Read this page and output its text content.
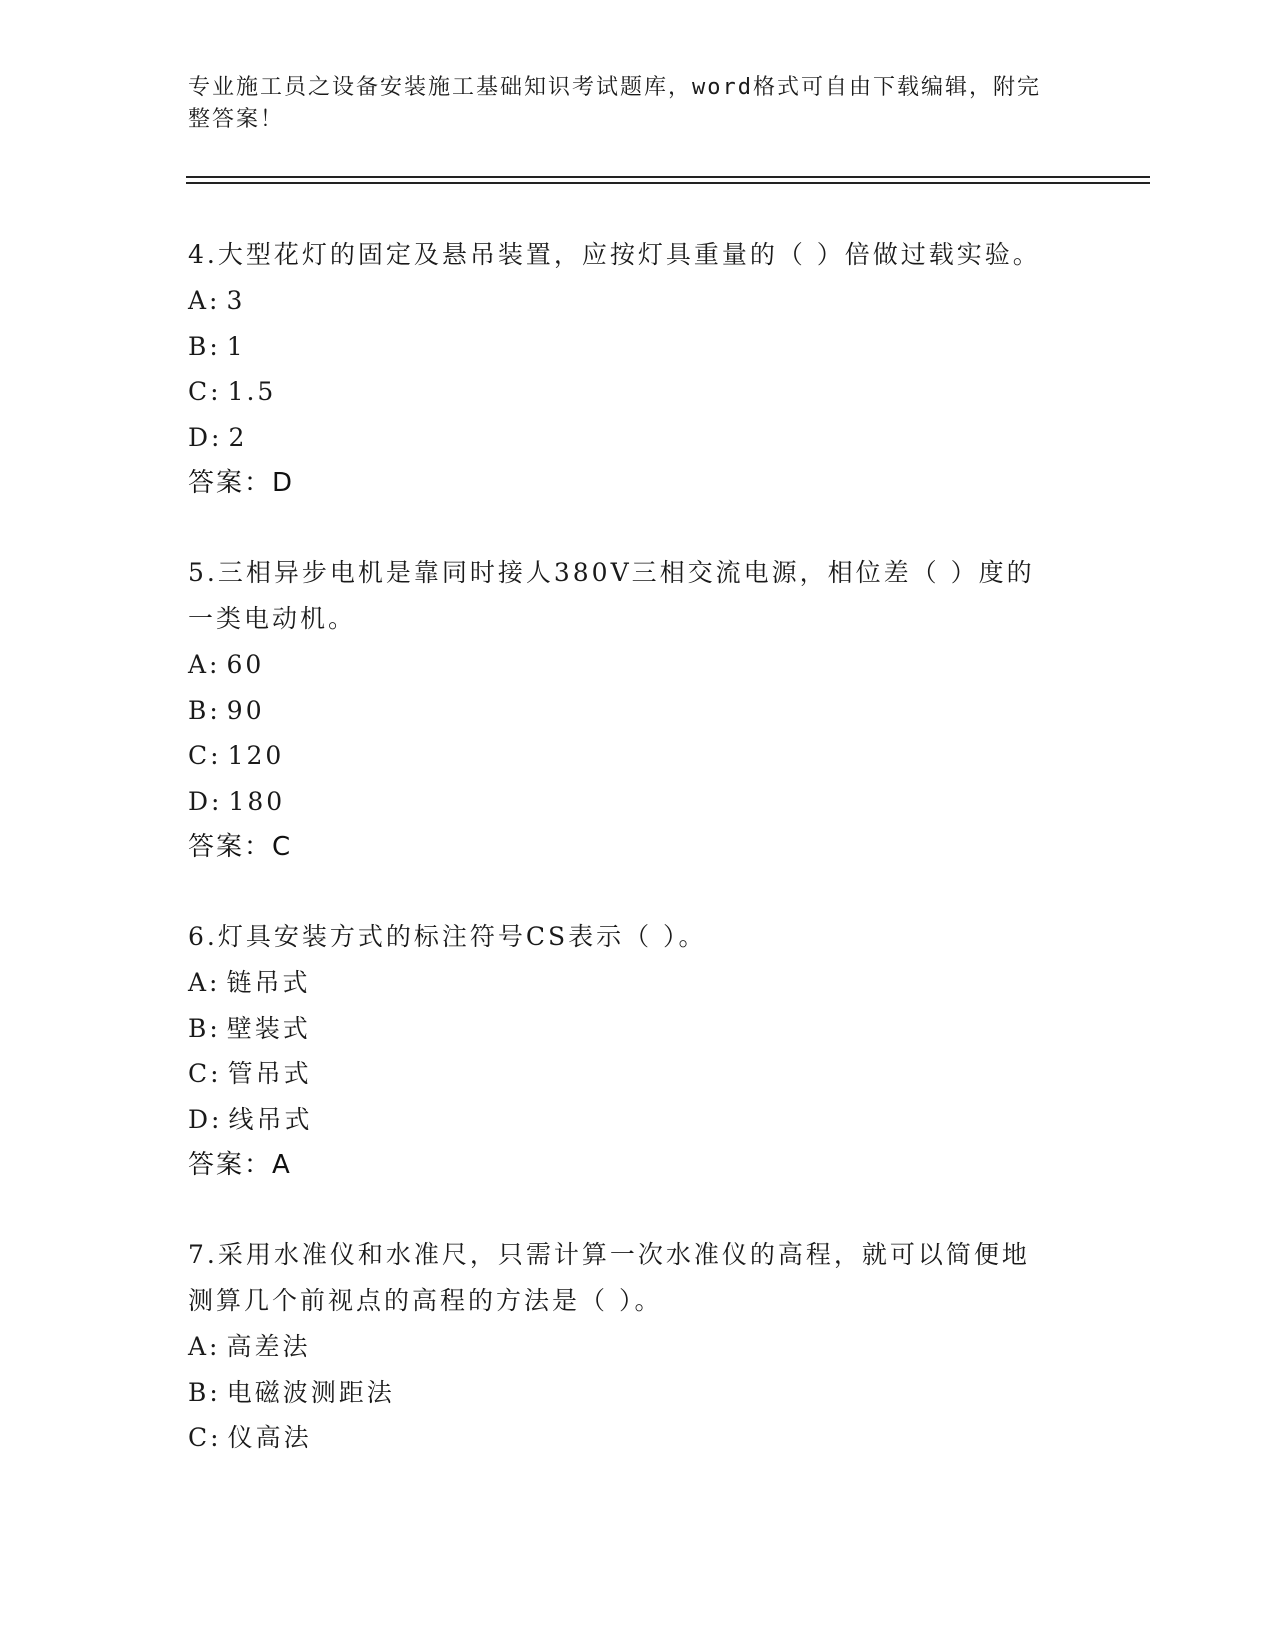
专业施工员之设备安装施工基础知识考试题库，word格式可自由下载编辑，附完
整答案！
4.大型花灯的固定及悬吊装置，应按灯具重量的（ ）倍做过载实验。
A: 3
B: 1
C: 1.5
D: 2
答案：D
5.三相异步电机是靠同时接人380V三相交流电源，相位差（ ）度的
一类电动机。
A: 60
B: 90
C: 120
D: 180
答案：C
6.灯具安装方式的标注符号CS表示（ ）。
A: 链吊式
B: 壁装式
C: 管吊式
D: 线吊式
答案：A
7.采用水准仪和水准尺，只需计算一次水准仪的高程，就可以简便地
测算几个前视点的高程的方法是（ ）。
A: 高差法
B: 电磁波测距法
C: 仪高法
